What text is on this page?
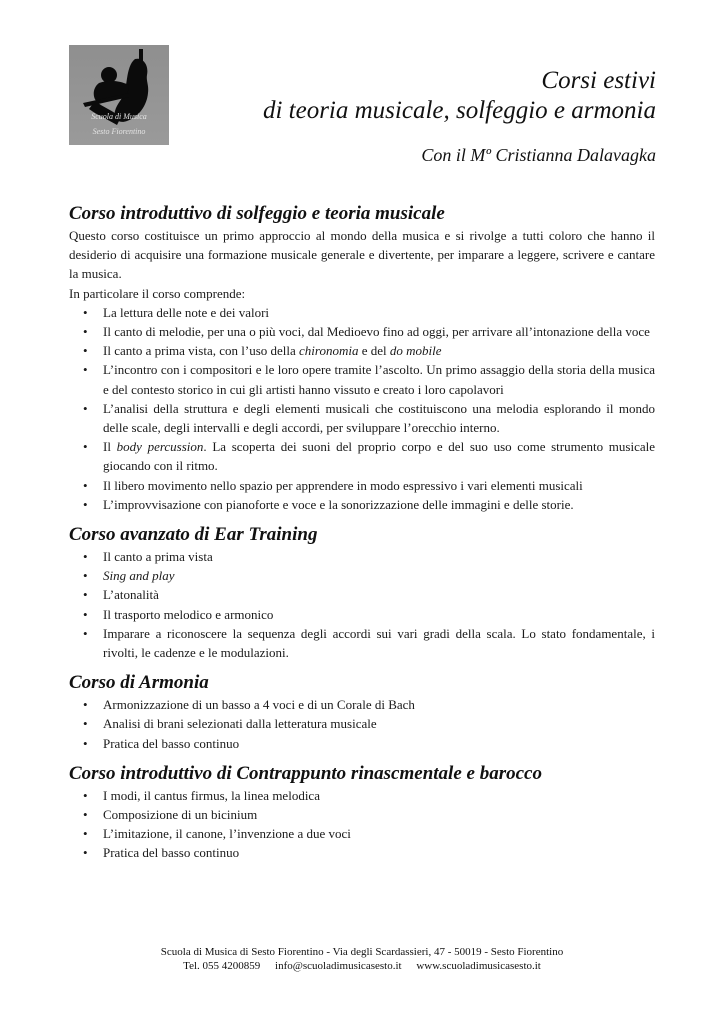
Scuola di Musica
Sesto Fiorentino
Corsi estivi
di teoria musicale, solfeggio e armonia
Con il Mº Cristianna Dalavagka
Corso introduttivo di solfeggio e teoria musicale

Questo corso costituisce un primo approccio al mondo della musica e si rivolge a tutti coloro che hanno il desiderio di acquisire una formazione musicale generale e divertente, per imparare a leggere, scrivere e cantare la musica.

In particolare il corso comprende:

• La lettura delle note e dei valori
• Il canto di melodie, per una o più voci, dal Medioevo fino ad oggi, per arrivare all’intonazione della voce
• Il canto a prima vista, con l’uso della chironomia e del do mobile
• L’incontro con i compositori e le loro opere tramite l’ascolto. Un primo assaggio della storia della musica e del contesto storico in cui gli artisti hanno vissuto e creato i loro capolavori
• L’analisi della struttura e degli elementi musicali che costituiscono una melodia esplorando il mondo delle scale, degli intervalli e degli accordi, per sviluppare l’orecchio interno.
• Il body percussion. La scoperta dei suoni del proprio corpo e del suo uso come strumento musicale giocando con il ritmo.
• Il libero movimento nello spazio per apprendere in modo espressivo i vari elementi musicali
• L’improvvisazione con pianoforte e voce e la sonorizzazione delle immagini e delle storie.
Corso avanzato di Ear Training
• Il canto a prima vista
• Sing and play
• L’atonalità
• Il trasporto melodico e armonico
• Imparare a riconoscere la sequenza degli accordi sui vari gradi della scala. Lo stato fondamentale, i rivolti, le cadenze e le modulazioni.
Corso di Armonia
• Armonizzazione di un basso a 4 voci e di un Corale di Bach
• Analisi di brani selezionati dalla letteratura musicale
• Pratica del basso continuo
Corso introduttivo di Contrappunto rinascmentale e barocco
• I modi, il cantus firmus, la linea melodica
• Composizione di un bicinium
• L’imitazione, il canone, l’invenzione a due voci
• Pratica del basso continuo
Scuola di Musica di Sesto Fiorentino - Via degli Scardassieri, 47 - 50019 - Sesto Fiorentino
Tel. 055 4200859 info@scuoladimusicasesto.it www.scuoladimusicasesto.it
